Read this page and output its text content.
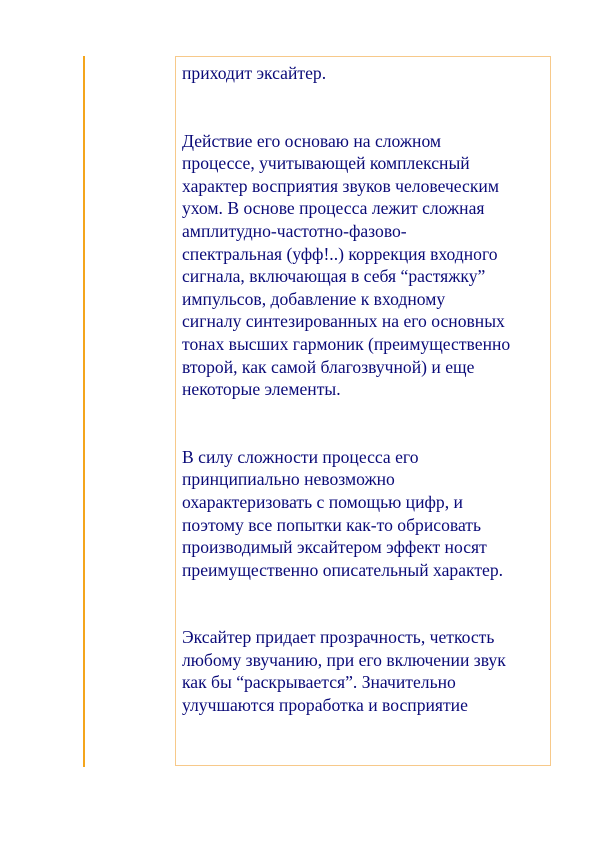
приходит эксайтер.

Действие его основаю на сложном
процессе, учитывающей комплексный
характер восприятия звуков человеческим
ухом. В основе процесса лежит сложная
амплитудно-частотно-фазово-
спектральная (уфф!..) коррекция входного
сигнала, включающая в себя “растяжку”
импульсов, добавление к входному
сигналу синтезированных на его основных
тонах высших гармоник (преимущественно
второй, как самой благозвучной) и еще
некоторые элементы.

В силу сложности процесса его
принципиально невозможно
охарактеризовать с помощью цифр, и
поэтому все попытки как-то обрисовать
производимый эксайтером эффект носят
преимущественно описательный характер.

Эксайтер придает прозрачность, четкость
любому звучанию, при его включении звук
как бы “раскрывается”. Значительно
улучшаются проработка и восприятие
